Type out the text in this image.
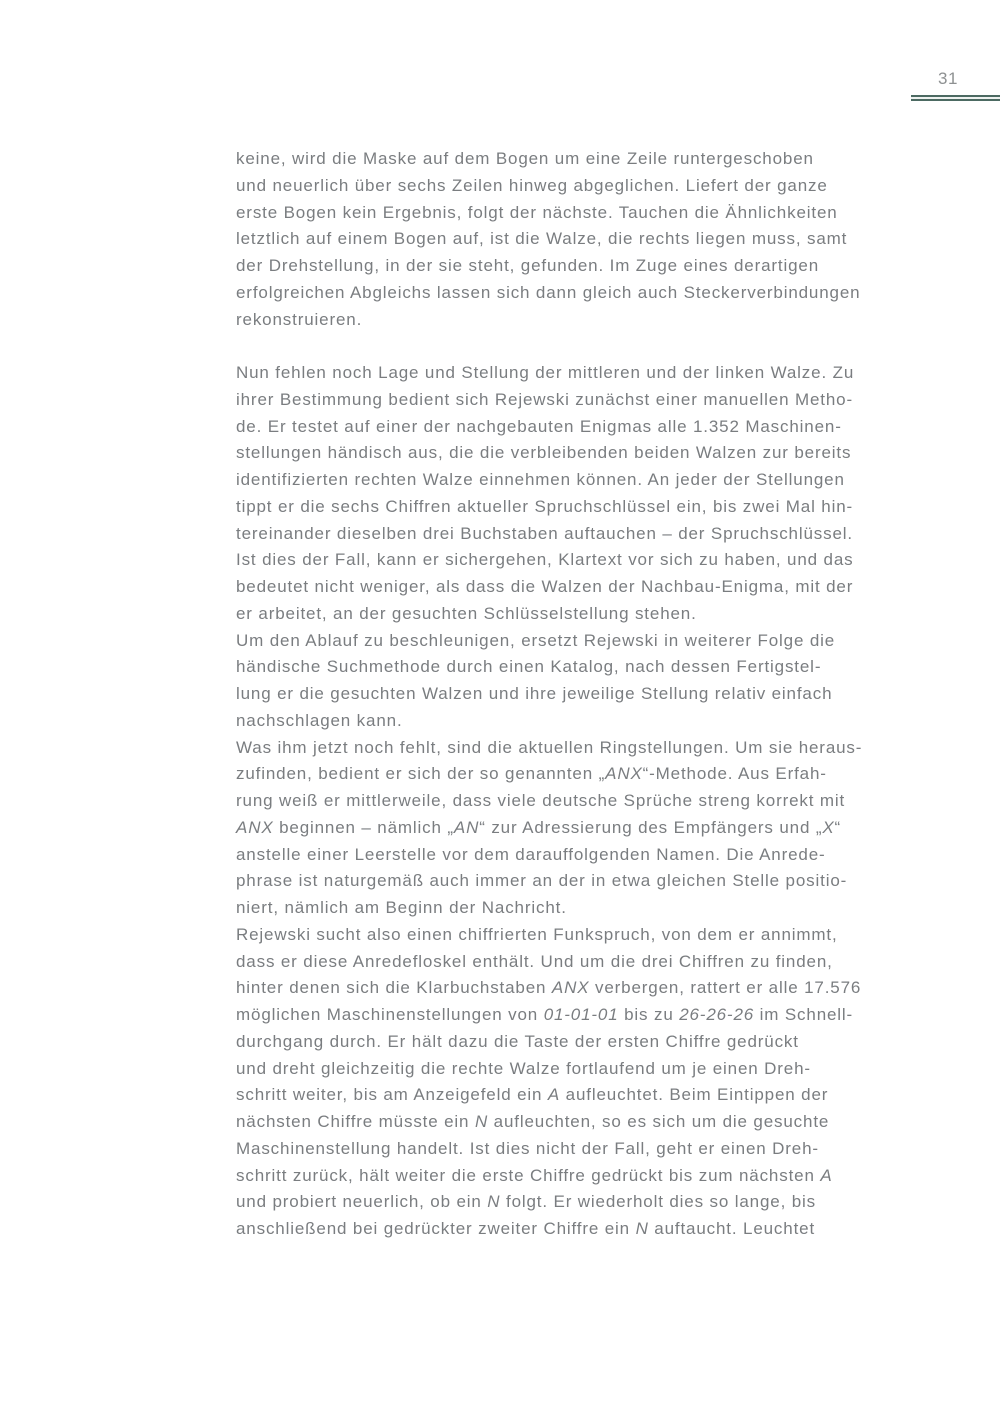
31
keine, wird die Maske auf dem Bogen um eine Zeile runtergeschoben
und neuerlich über sechs Zeilen hinweg abgeglichen. Liefert der ganze
erste Bogen kein Ergebnis, folgt der nächste. Tauchen die Ähnlichkeiten
letztlich auf einem Bogen auf, ist die Walze, die rechts liegen muss, samt
der Drehstellung, in der sie steht, gefunden. Im Zuge eines derartigen
erfolgreichen Abgleichs lassen sich dann gleich auch Steckerverbindungen
rekonstruieren.
Nun fehlen noch Lage und Stellung der mittleren und der linken Walze. Zu
ihrer Bestimmung bedient sich Rejewski zunächst einer manuellen Metho-
de. Er testet auf einer der nachgebauten Enigmas alle 1.352 Maschinen-
stellungen händisch aus, die die verbleibenden beiden Walzen zur bereits
identifizierten rechten Walze einnehmen können. An jeder der Stellungen
tippt er die sechs Chiffren aktueller Spruchschlüssel ein, bis zwei Mal hin-
tereinander dieselben drei Buchstaben auftauchen – der Spruchschlüssel.
Ist dies der Fall, kann er sichergehen, Klartext vor sich zu haben, und das
bedeutet nicht weniger, als dass die Walzen der Nachbau-Enigma, mit der
er arbeitet, an der gesuchten Schlüsselstellung stehen.
Um den Ablauf zu beschleunigen, ersetzt Rejewski in weiterer Folge die
händische Suchmethode durch einen Katalog, nach dessen Fertigstel-
lung er die gesuchten Walzen und ihre jeweilige Stellung relativ einfach
nachschlagen kann.
Was ihm jetzt noch fehlt, sind die aktuellen Ringstellungen. Um sie heraus-
zufinden, bedient er sich der so genannten „ANX“-Methode. Aus Erfah-
rung weiß er mittlerweile, dass viele deutsche Sprüche streng korrekt mit
ANX beginnen – nämlich „AN“ zur Adressierung des Empfängers und „X“
anstelle einer Leerstelle vor dem darauffolgenden Namen. Die Anrede-
phrase ist naturgemäß auch immer an der in etwa gleichen Stelle positio-
niert, nämlich am Beginn der Nachricht.
Rejewski sucht also einen chiffrierten Funkspruch, von dem er annimmt,
dass er diese Anredefloskel enthält. Und um die drei Chiffren zu finden,
hinter denen sich die Klarbuchstaben ANX verbergen, rattert er alle 17.576
möglichen Maschinenstellungen von 01-01-01 bis zu 26-26-26 im Schnell-
durchgang durch. Er hält dazu die Taste der ersten Chiffre gedrückt
und dreht gleichzeitig die rechte Walze fortlaufend um je einen Dreh-
schritt weiter, bis am Anzeigefeld ein A aufleuchtet. Beim Eintippen der
nächsten Chiffre müsste ein N aufleuchten, so es sich um die gesuchte
Maschinenstellung handelt. Ist dies nicht der Fall, geht er einen Dreh-
schritt zurück, hält weiter die erste Chiffre gedrückt bis zum nächsten A
und probiert neuerlich, ob ein N folgt. Er wiederholt dies so lange, bis
anschließend bei gedrückter zweiter Chiffre ein N auftaucht. Leuchtet
